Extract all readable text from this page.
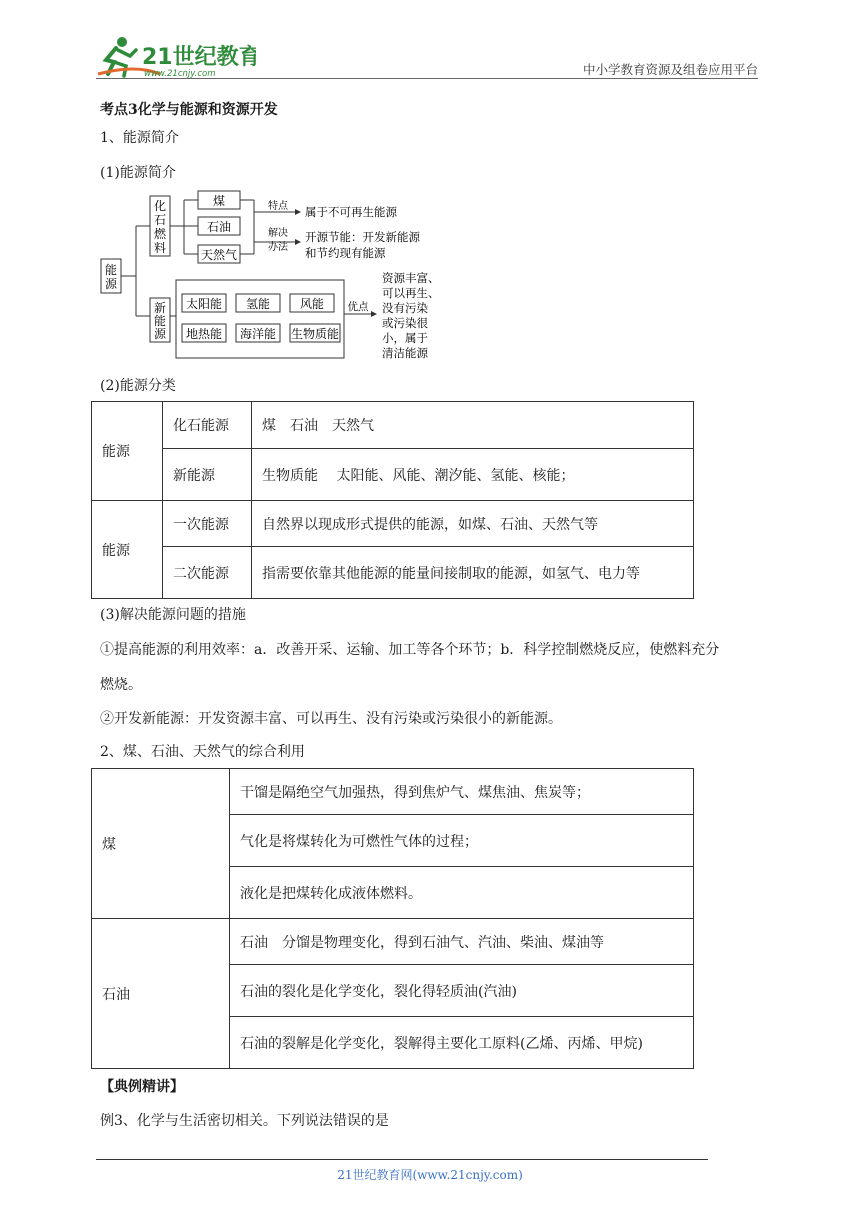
21世纪教育
www.21cnjy.com	中小学教育资源及组卷应用平台
考点3化学与能源和资源开发
1、能源简介
(1)能源简介
能
源
化
石
燃
料
煤
石油
天然气
特点
解决
办法
属于不可再生能源
开源节能：开发新能源
和节约现有能源
新
能
源
太阳能 氢能 风能
地热能 海洋能 生物质能
优点
资源丰富、
可以再生、
没有污染
或污染很
小，属于
清洁能源
(2)能源分类
能源	化石能源	煤　石油　天然气
	新能源	生物质能　 太阳能、风能、潮汐能、氢能、核能；
能源	一次能源	自然界以现成形式提供的能源，如煤、石油、天然气等
	二次能源	指需要依靠其他能源的能量间接制取的能源，如氢气、电力等
(3)解决能源问题的措施
①提高能源的利用效率：a．改善开采、运输、加工等各个环节；b．科学控制燃烧反应，使燃料充分
燃烧。
②开发新能源：开发资源丰富、可以再生、没有污染或污染很小的新能源。
2、煤、石油、天然气的综合利用
煤	干馏是隔绝空气加强热，得到焦炉气、煤焦油、焦炭等；
	气化是将煤转化为可燃性气体的过程；
	液化是把煤转化成液体燃料。
石油	石油　分馏是物理变化，得到石油气、汽油、柴油、煤油等
	石油的裂化是化学变化，裂化得轻质油(汽油)
	石油的裂解是化学变化，裂解得主要化工原料(乙烯、丙烯、甲烷)
【典例精讲】
例3、化学与生活密切相关。下列说法错误的是
21世纪教育网(www.21cnjy.com)
